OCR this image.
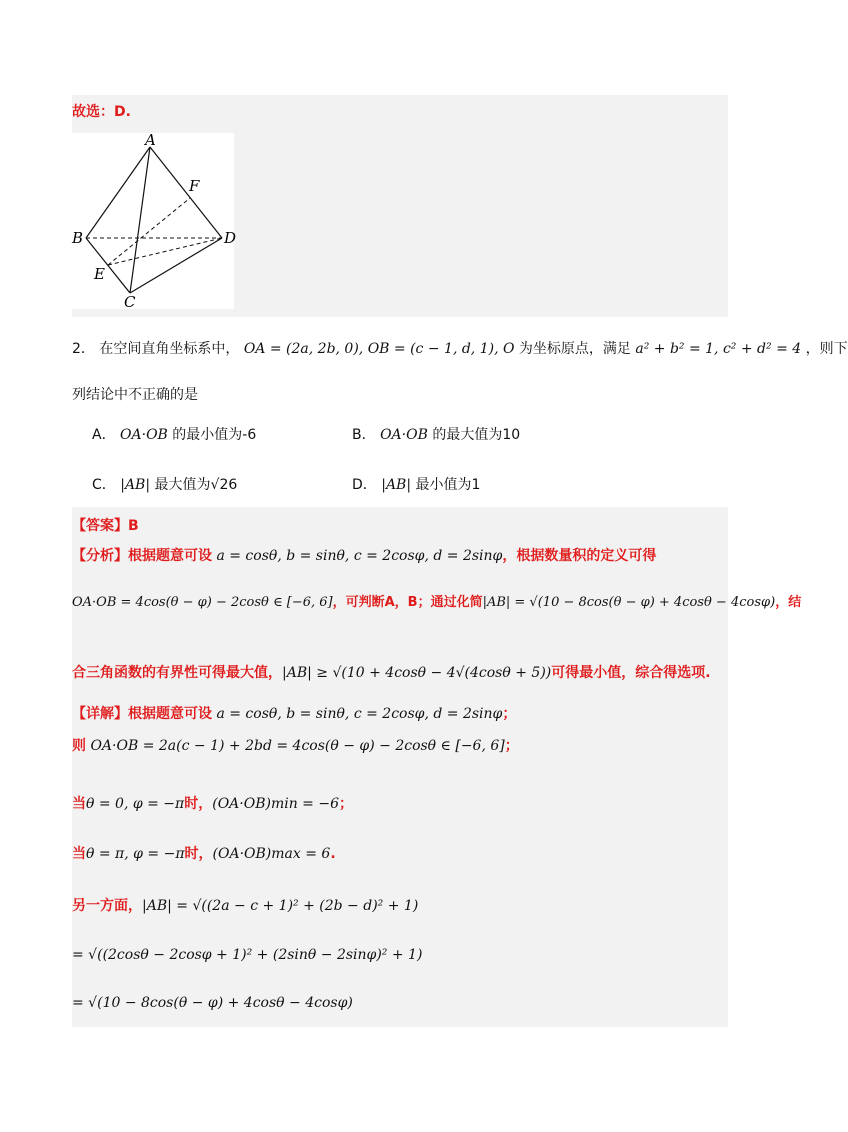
故选：D.
A
B
C
D
E
F
2． 在空间直角坐标系中， OA = (2a, 2b, 0), OB = (c − 1, d, 1), O 为坐标原点，满足 a² + b² = 1, c² + d² = 4 ，则下
列结论中不正确的是
A． OA·OB 的最小值为-6	B． OA·OB 的最大值为10
C． |AB| 最大值为√26	D． |AB| 最小值为1
【答案】B
【分析】根据题意可设 a = cosθ, b = sinθ, c = 2cosφ, d = 2sinφ，根据数量积的定义可得
OA·OB = 4cos(θ − φ) − 2cosθ ∈ [−6, 6]，可判断A，B；通过化简|AB| = √(10 − 8cos(θ − φ) + 4cosθ − 4cosφ)，结
合三角函数的有界性可得最大值，|AB| ≥ √(10 + 4cosθ − 4√(4cosθ + 5))可得最小值，综合得选项.
【详解】根据题意可设 a = cosθ, b = sinθ, c = 2cosφ, d = 2sinφ；
则 OA·OB = 2a(c − 1) + 2bd = 4cos(θ − φ) − 2cosθ ∈ [−6, 6]；
当θ = 0, φ = −π时，(OA·OB)min = −6；
当θ = π, φ = −π时，(OA·OB)max = 6.
另一方面，|AB| = √((2a − c + 1)² + (2b − d)² + 1)
= √((2cosθ − 2cosφ + 1)² + (2sinθ − 2sinφ)² + 1)
= √(10 − 8cos(θ − φ) + 4cosθ − 4cosφ)
